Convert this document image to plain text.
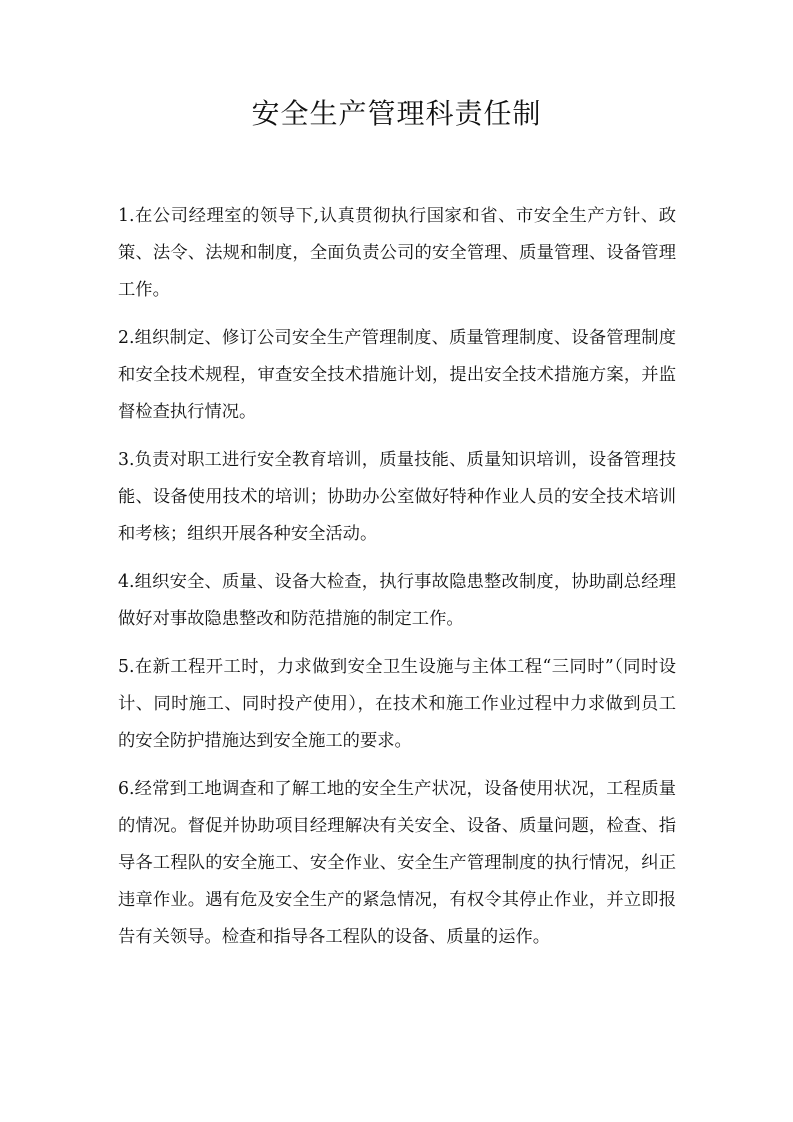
安全生产管理科责任制

1.在公司经理室的领导下,认真贯彻执行国家和省、市安全生产方针、政策、法令、法规和制度，全面负责公司的安全管理、质量管理、设备管理工作。

2.组织制定、修订公司安全生产管理制度、质量管理制度、设备管理制度和安全技术规程，审查安全技术措施计划，提出安全技术措施方案，并监督检查执行情况。

3.负责对职工进行安全教育培训，质量技能、质量知识培训，设备管理技能、设备使用技术的培训；协助办公室做好特种作业人员的安全技术培训和考核；组织开展各种安全活动。

4.组织安全、质量、设备大检查，执行事故隐患整改制度，协助副总经理做好对事故隐患整改和防范措施的制定工作。

5.在新工程开工时，力求做到安全卫生设施与主体工程“三同时”（同时设计、同时施工、同时投产使用），在技术和施工作业过程中力求做到员工的安全防护措施达到安全施工的要求。

6.经常到工地调查和了解工地的安全生产状况，设备使用状况，工程质量的情况。督促并协助项目经理解决有关安全、设备、质量问题，检查、指导各工程队的安全施工、安全作业、安全生产管理制度的执行情况，纠正违章作业。遇有危及安全生产的紧急情况，有权令其停止作业，并立即报告有关领导。检查和指导各工程队的设备、质量的运作。
